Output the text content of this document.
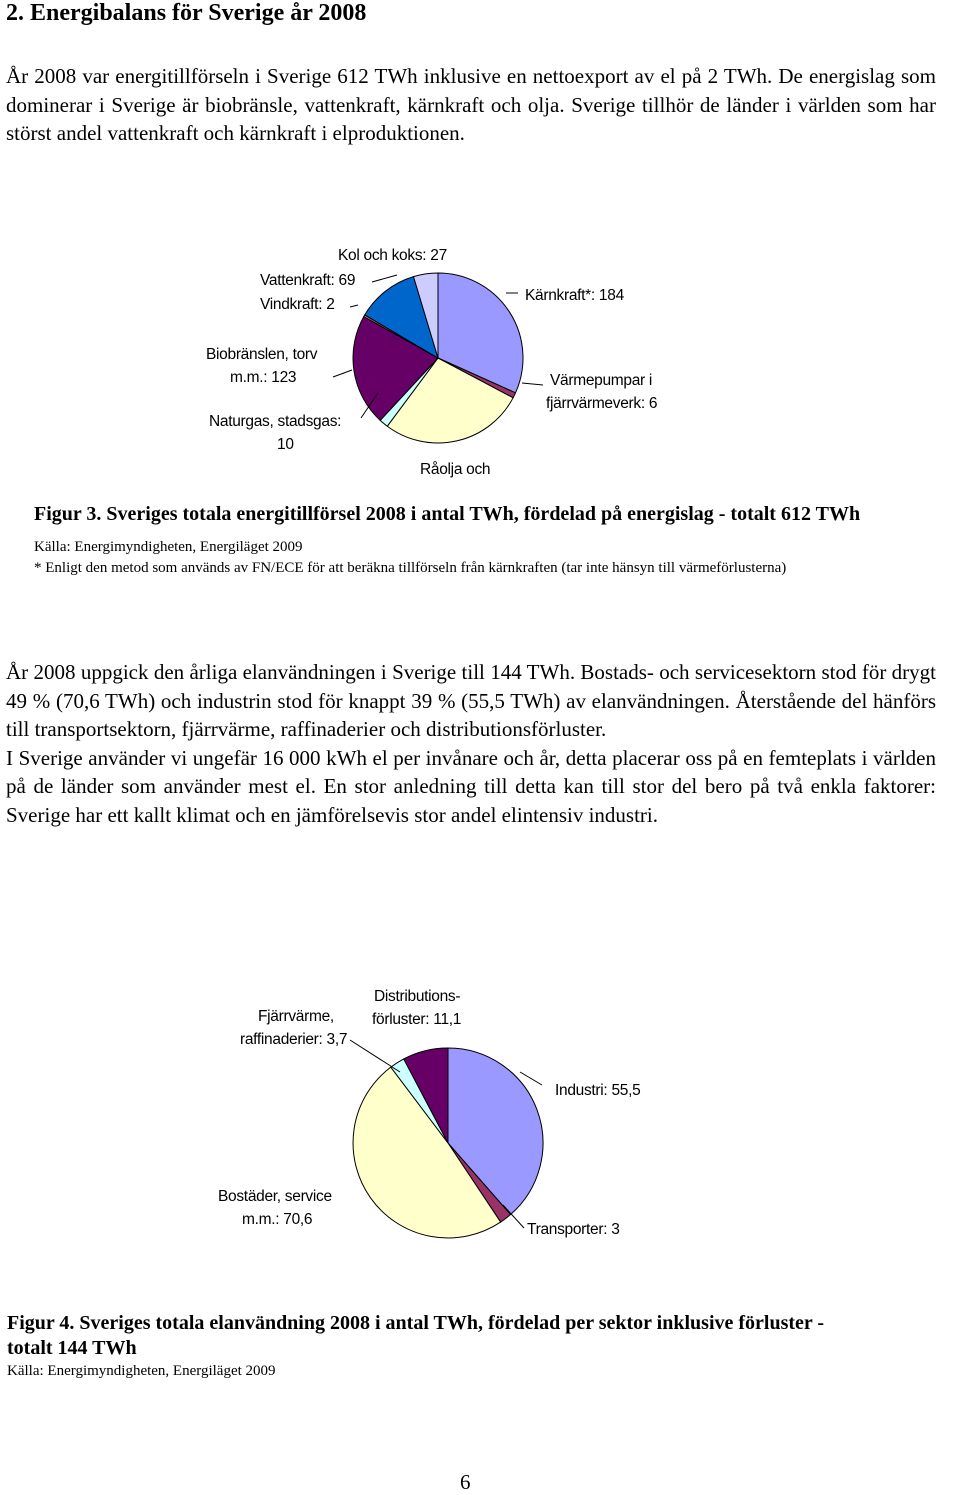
2. Energibalans för Sverige år 2008
År 2008 var energitillförseln i Sverige 612 TWh inklusive en nettoexport av el på 2 TWh. De energislag som dominerar i Sverige är biobränsle, vattenkraft, kärnkraft och olja. Sverige tillhör de länder i världen som har störst andel vattenkraft och kärnkraft i elproduktionen.
Kol och koks: 27
Vattenkraft: 69
Vindkraft: 2
Kärnkraft*: 184
Biobränslen, torv
m.m.: 123
Naturgas, stadsgas:
10
Värmepumpar i
fjärrvärmeverk: 6
Råolja och
Figur 3. Sveriges totala energitillförsel 2008 i antal TWh, fördelad på energislag - totalt 612 TWh
Källa: Energimyndigheten, Energiläget 2009
* Enligt den metod som används av FN/ECE för att beräkna tillförseln från kärnkraften (tar inte hänsyn till värmeförlusterna)
År 2008 uppgick den årliga elanvändningen i Sverige till 144 TWh. Bostads- och servicesektorn stod för drygt 49 % (70,6 TWh) och industrin stod för knappt 39 % (55,5 TWh) av elanvändningen. Återstående del hänförs till transportsektorn, fjärrvärme, raffinaderier och distributionsförluster.
I Sverige använder vi ungefär 16 000 kWh el per invånare och år, detta placerar oss på en femteplats i världen på de länder som använder mest el. En stor anledning till detta kan till stor del bero på två enkla faktorer: Sverige har ett kallt klimat och en jämförelsevis stor andel elintensiv industri.
Distributions-
förluster: 11,1
Fjärrvärme,
raffinaderier: 3,7
Industri: 55,5
Bostäder, service
m.m.: 70,6
Transporter: 3
Figur 4. Sveriges totala elanvändning 2008 i antal TWh, fördelad per sektor inklusive förluster -
totalt 144 TWh
Källa: Energimyndigheten, Energiläget 2009
6
